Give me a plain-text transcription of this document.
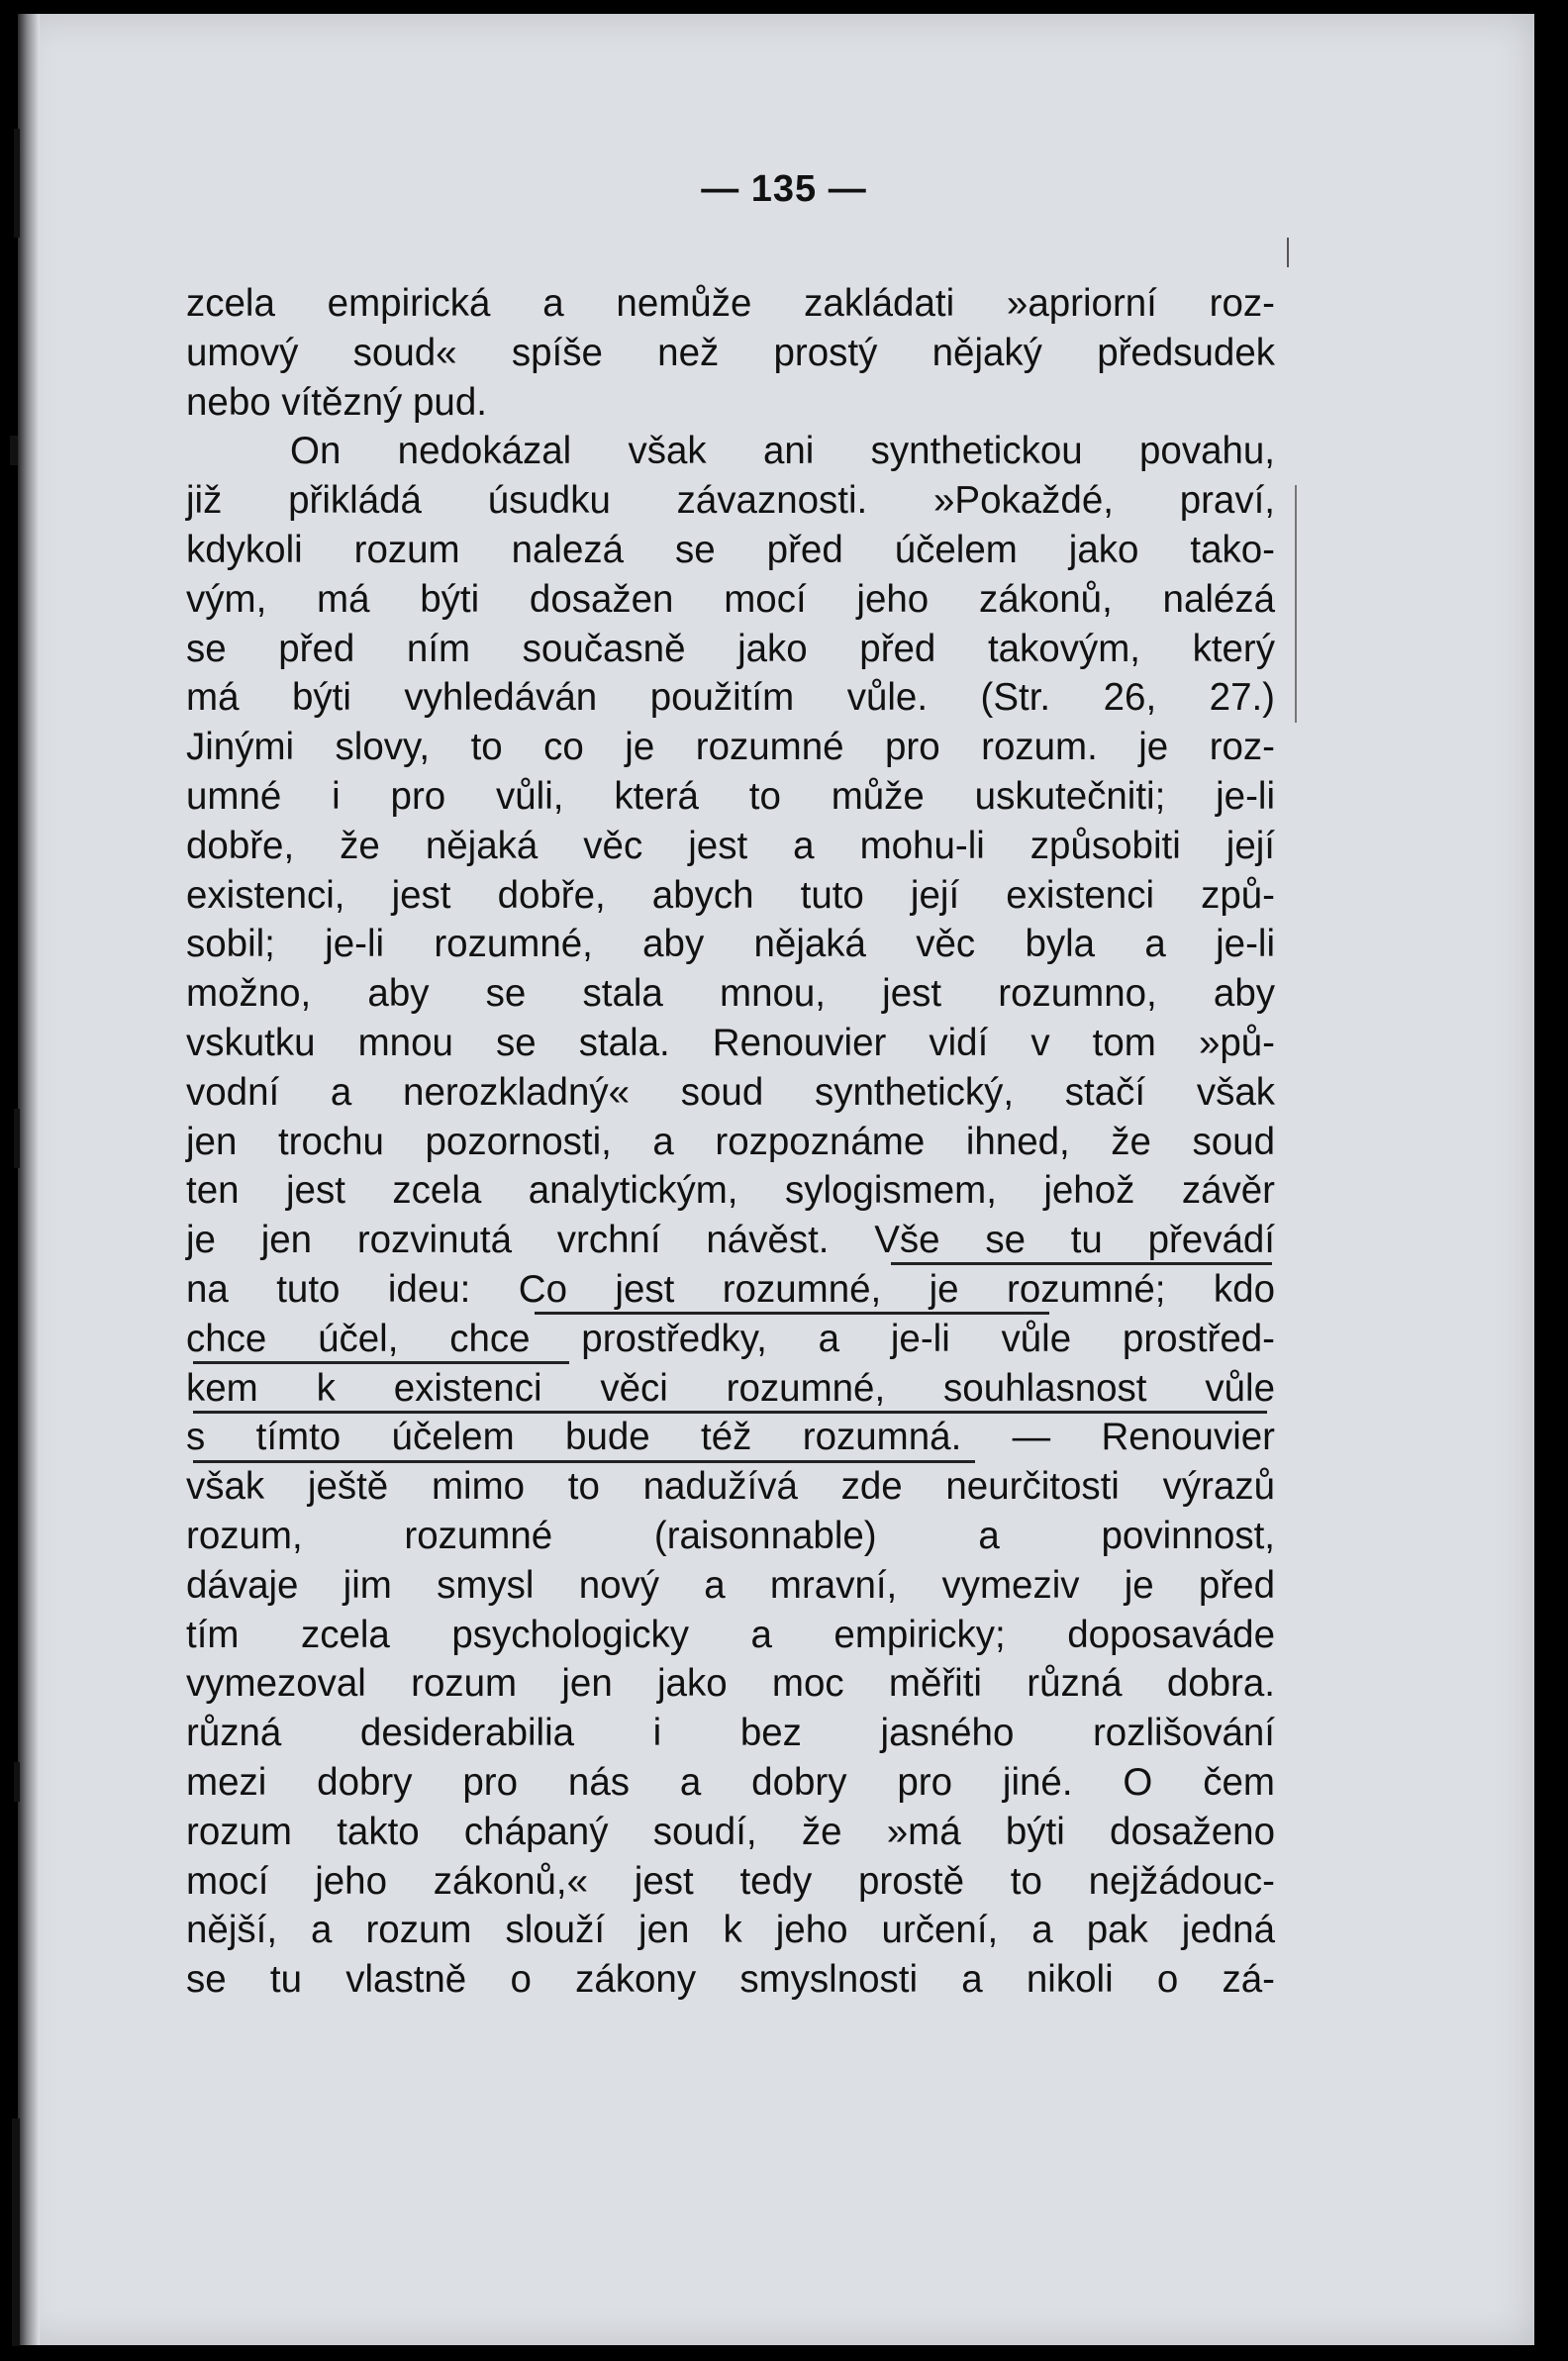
— 135 —
zcela empirická a nemůže zakládati »apriorní roz-
umový soud« spíše než prostý nějaký předsudek
nebo vítězný pud.
On nedokázal však ani synthetickou povahu,
již přikládá úsudku závaznosti. »Pokaždé, praví,
kdykoli rozum nalezá se před účelem jako tako-
vým, má býti dosažen mocí jeho zákonů, nalézá
se před ním současně jako před takovým, který
má býti vyhledáván použitím vůle. (Str. 26, 27.)
Jinými slovy, to co je rozumné pro rozum. je roz-
umné i pro vůli, která to může uskutečniti; je-li
dobře, že nějaká věc jest a mohu-li způsobiti její
existenci, jest dobře, abych tuto její existenci způ-
sobil; je-li rozumné, aby nějaká věc byla a je-li
možno, aby se stala mnou, jest rozumno, aby
vskutku mnou se stala. Renouvier vidí v tom »pů-
vodní a nerozkladný« soud synthetický, stačí však
jen trochu pozornosti, a rozpoznáme ihned, že soud
ten jest zcela analytickým, sylogismem, jehož závěr
je jen rozvinutá vrchní návěst. Vše se tu převádí
na tuto ideu: Co jest rozumné, je rozumné; kdo
chce účel, chce prostředky, a je-li vůle prostřed-
kem k existenci věci rozumné, souhlasnost vůle
s tímto účelem bude též rozumná. — Renouvier
však ještě mimo to nadužívá zde neurčitosti výrazů
rozum, rozumné (raisonnable) a povinnost,
dávaje jim smysl nový a mravní, vymeziv je před
tím zcela psychologicky a empiricky; doposaváde
vymezoval rozum jen jako moc měřiti různá dobra.
různá desiderabilia i bez jasného rozlišování
mezi dobry pro nás a dobry pro jiné. O čem
rozum takto chápaný soudí, že »má býti dosaženo
mocí jeho zákonů,« jest tedy prostě to nejžádouc-
nější, a rozum slouží jen k jeho určení, a pak jedná
se tu vlastně o zákony smyslnosti a nikoli o zá-
